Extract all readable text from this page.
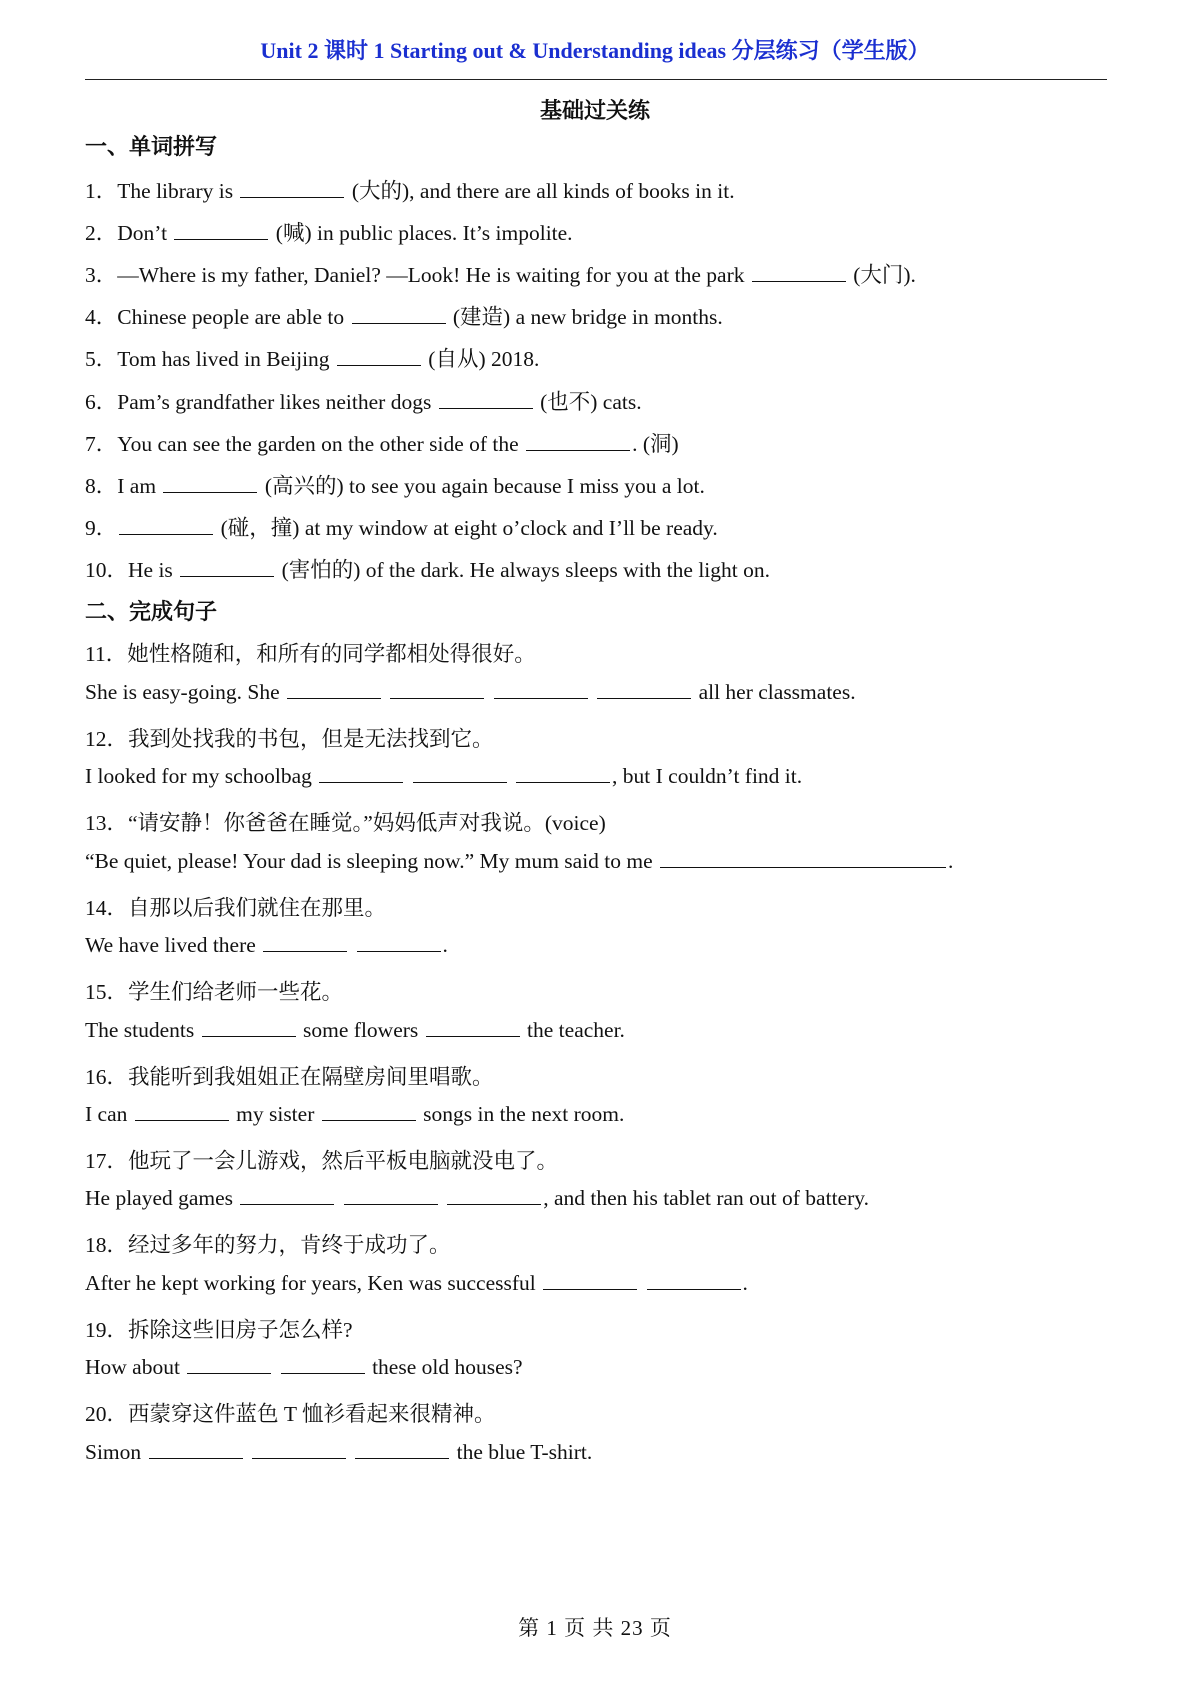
Unit 2 课时 1 Starting out & Understanding ideas 分层练习（学生版）
基础过关练
一、单词拼写
1．The library is	(大的), and there are all kinds of books in it.
2．Don’t	(喊) in public places. It’s impolite.
3．—Where is my father, Daniel? —Look! He is waiting for you at the park	(大门).
4．Chinese people are able to	(建造) a new bridge in months.
5．Tom has lived in Beijing	(自从) 2018.
6．Pam’s grandfather likes neither dogs	(也不) cats.
7．You can see the garden on the other side of the	. (洞)
8．I am	(高兴的) to see you again because I miss you a lot.
9．	(碰，撞) at my window at eight o’clock and I’ll be ready.
10．He is	(害怕的) of the dark. He always sleeps with the light on.
二、完成句子
11．她性格随和，和所有的同学都相处得很好。
She is easy-going. She	all her classmates.
12．我到处找我的书包，但是无法找到它。
I looked for my schoolbag	, but I couldn’t find it.
13．“请安静！你爸爸在睡觉。”妈妈低声对我说。(voice)
“Be quiet, please! Your dad is sleeping now.” My mum said to me	.
14．自那以后我们就住在那里。
We have lived there	.
15．学生们给老师一些花。
The students	some flowers	the teacher.
16．我能听到我姐姐正在隔壁房间里唱歌。
I can	my sister	songs in the next room.
17．他玩了一会儿游戏，然后平板电脑就没电了。
He played games	, and then his tablet ran out of battery.
18．经过多年的努力，肯终于成功了。
After he kept working for years, Ken was successful	.
19．拆除这些旧房子怎么样?
How about	these old houses?
20．西蒙穿这件蓝色 T 恤衫看起来很精神。
Simon	the blue T-shirt.
第 1 页 共 23 页
